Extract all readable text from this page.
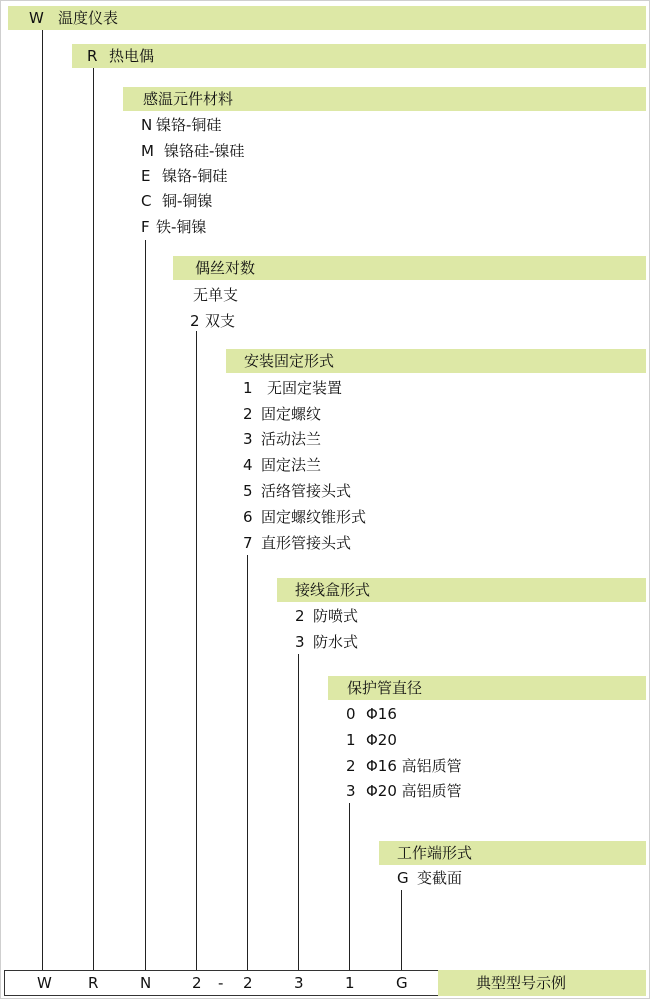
W 温度仪表
R 热电偶
感温元件材料
N 镍铬-铜硅
M 镍铬硅-镍硅
E 镍铬-铜硅
C 铜-铜镍
F 铁-铜镍
偶丝对数
无单支
2 双支
安装固定形式
1 无固定装置
2 固定螺纹
3 活动法兰
4 固定法兰
5 活络管接头式
6 固定螺纹锥形式
7 直形管接头式
接线盒形式
2 防喷式
3 防水式
保护管直径
0 Φ16
1 Φ20
2 Φ16 高铝质管
3 Φ20 高铝质管
工作端形式
G 变截面
W R	N	2 - 2	3	1	G	典型型号示例
